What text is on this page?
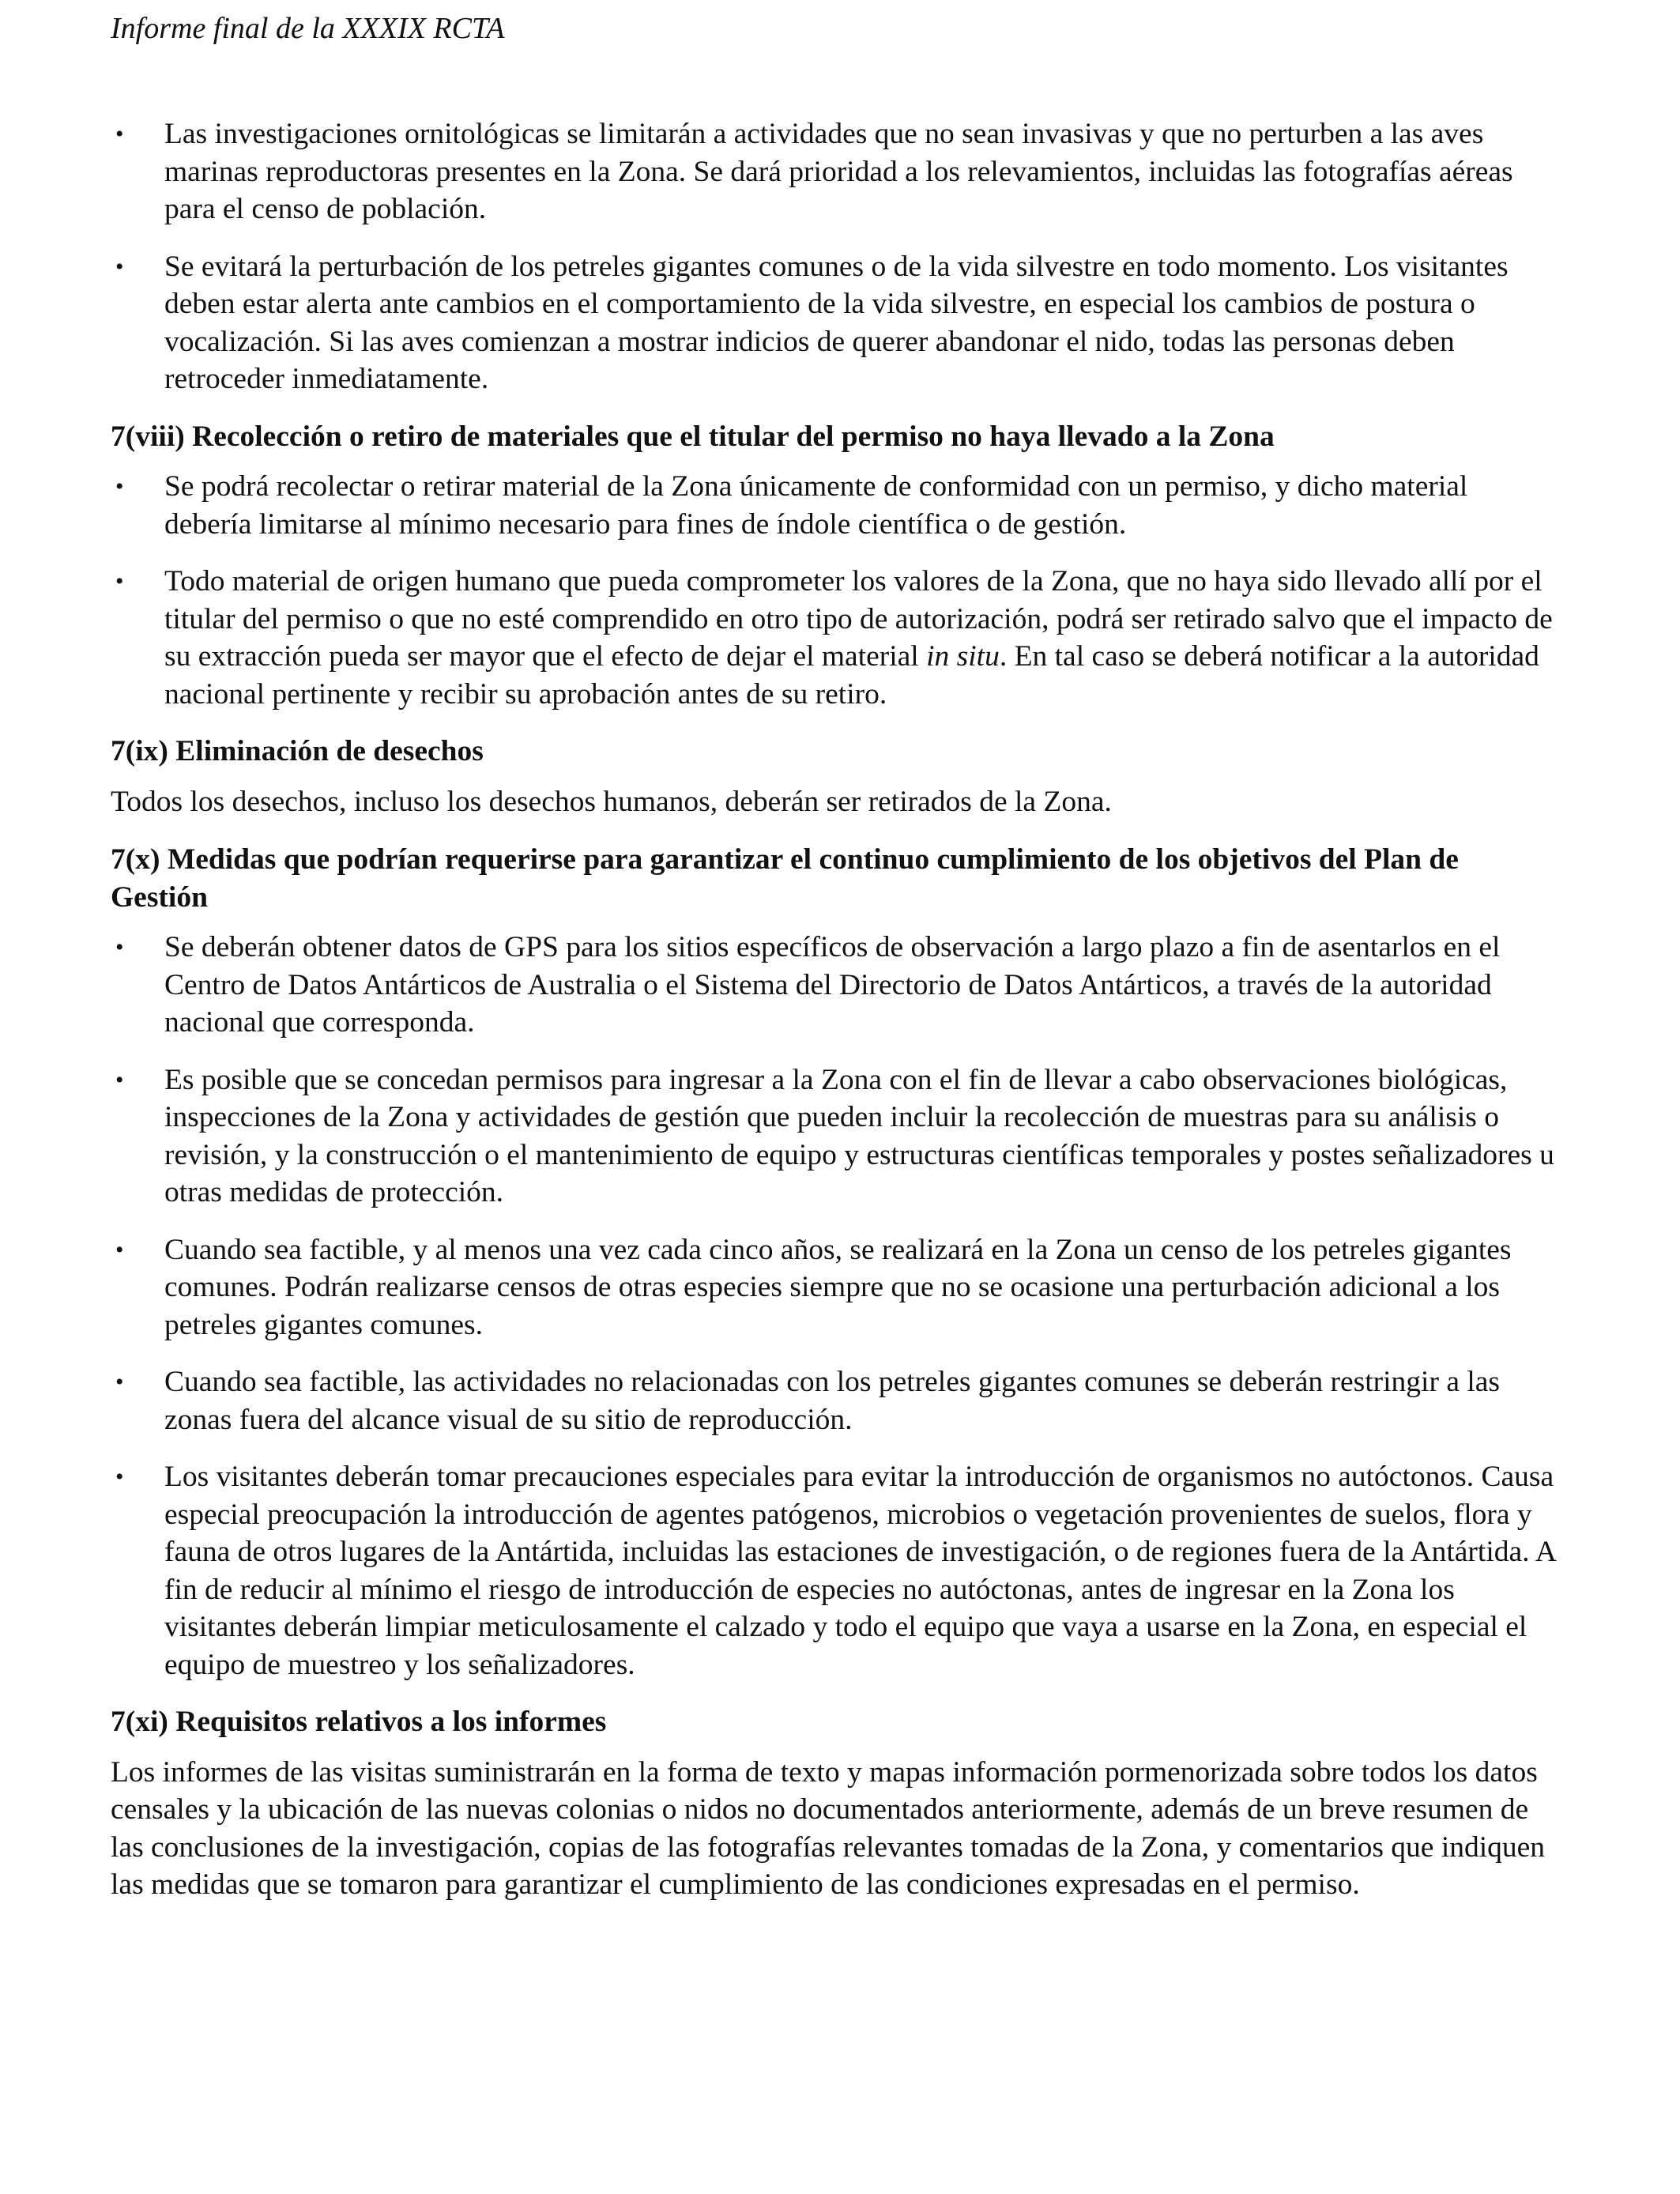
Informe final de la XXXIX RCTA
• Las investigaciones ornitológicas se limitarán a actividades que no sean invasivas y que no perturben a las aves marinas reproductoras presentes en la Zona. Se dará prioridad a los relevamientos, incluidas las fotografías aéreas para el censo de población.
• Se evitará la perturbación de los petreles gigantes comunes o de la vida silvestre en todo momento. Los visitantes deben estar alerta ante cambios en el comportamiento de la vida silvestre, en especial los cambios de postura o vocalización. Si las aves comienzan a mostrar indicios de querer abandonar el nido, todas las personas deben retroceder inmediatamente.
7(viii) Recolección o retiro de materiales que el titular del permiso no haya llevado a la Zona
• Se podrá recolectar o retirar material de la Zona únicamente de conformidad con un permiso, y dicho material debería limitarse al mínimo necesario para fines de índole científica o de gestión.
• Todo material de origen humano que pueda comprometer los valores de la Zona, que no haya sido llevado allí por el titular del permiso o que no esté comprendido en otro tipo de autorización, podrá ser retirado salvo que el impacto de su extracción pueda ser mayor que el efecto de dejar el material in situ. En tal caso se deberá notificar a la autoridad nacional pertinente y recibir su aprobación antes de su retiro.
7(ix) Eliminación de desechos

Todos los desechos, incluso los desechos humanos, deberán ser retirados de la Zona.

7(x) Medidas que podrían requerirse para garantizar el continuo cumplimiento de los objetivos del Plan de Gestión
• Se deberán obtener datos de GPS para los sitios específicos de observación a largo plazo a fin de asentarlos en el Centro de Datos Antárticos de Australia o el Sistema del Directorio de Datos Antárticos, a través de la autoridad nacional que corresponda.
• Es posible que se concedan permisos para ingresar a la Zona con el fin de llevar a cabo observaciones biológicas, inspecciones de la Zona y actividades de gestión que pueden incluir la recolección de muestras para su análisis o revisión, y la construcción o el mantenimiento de equipo y estructuras científicas temporales y postes señalizadores u otras medidas de protección.
• Cuando sea factible, y al menos una vez cada cinco años, se realizará en la Zona un censo de los petreles gigantes comunes. Podrán realizarse censos de otras especies siempre que no se ocasione una perturbación adicional a los petreles gigantes comunes.
• Cuando sea factible, las actividades no relacionadas con los petreles gigantes comunes se deberán restringir a las zonas fuera del alcance visual de su sitio de reproducción.
• Los visitantes deberán tomar precauciones especiales para evitar la introducción de organismos no autóctonos. Causa especial preocupación la introducción de agentes patógenos, microbios o vegetación provenientes de suelos, flora y fauna de otros lugares de la Antártida, incluidas las estaciones de investigación, o de regiones fuera de la Antártida. A fin de reducir al mínimo el riesgo de introducción de especies no autóctonas, antes de ingresar en la Zona los visitantes deberán limpiar meticulosamente el calzado y todo el equipo que vaya a usarse en la Zona, en especial el equipo de muestreo y los señalizadores.
7(xi) Requisitos relativos a los informes

Los informes de las visitas suministrarán en la forma de texto y mapas información pormenorizada sobre todos los datos censales y la ubicación de las nuevas colonias o nidos no documentados anteriormente, además de un breve resumen de las conclusiones de la investigación, copias de las fotografías relevantes tomadas de la Zona, y comentarios que indiquen las medidas que se tomaron para garantizar el cumplimiento de las condiciones expresadas en el permiso.
